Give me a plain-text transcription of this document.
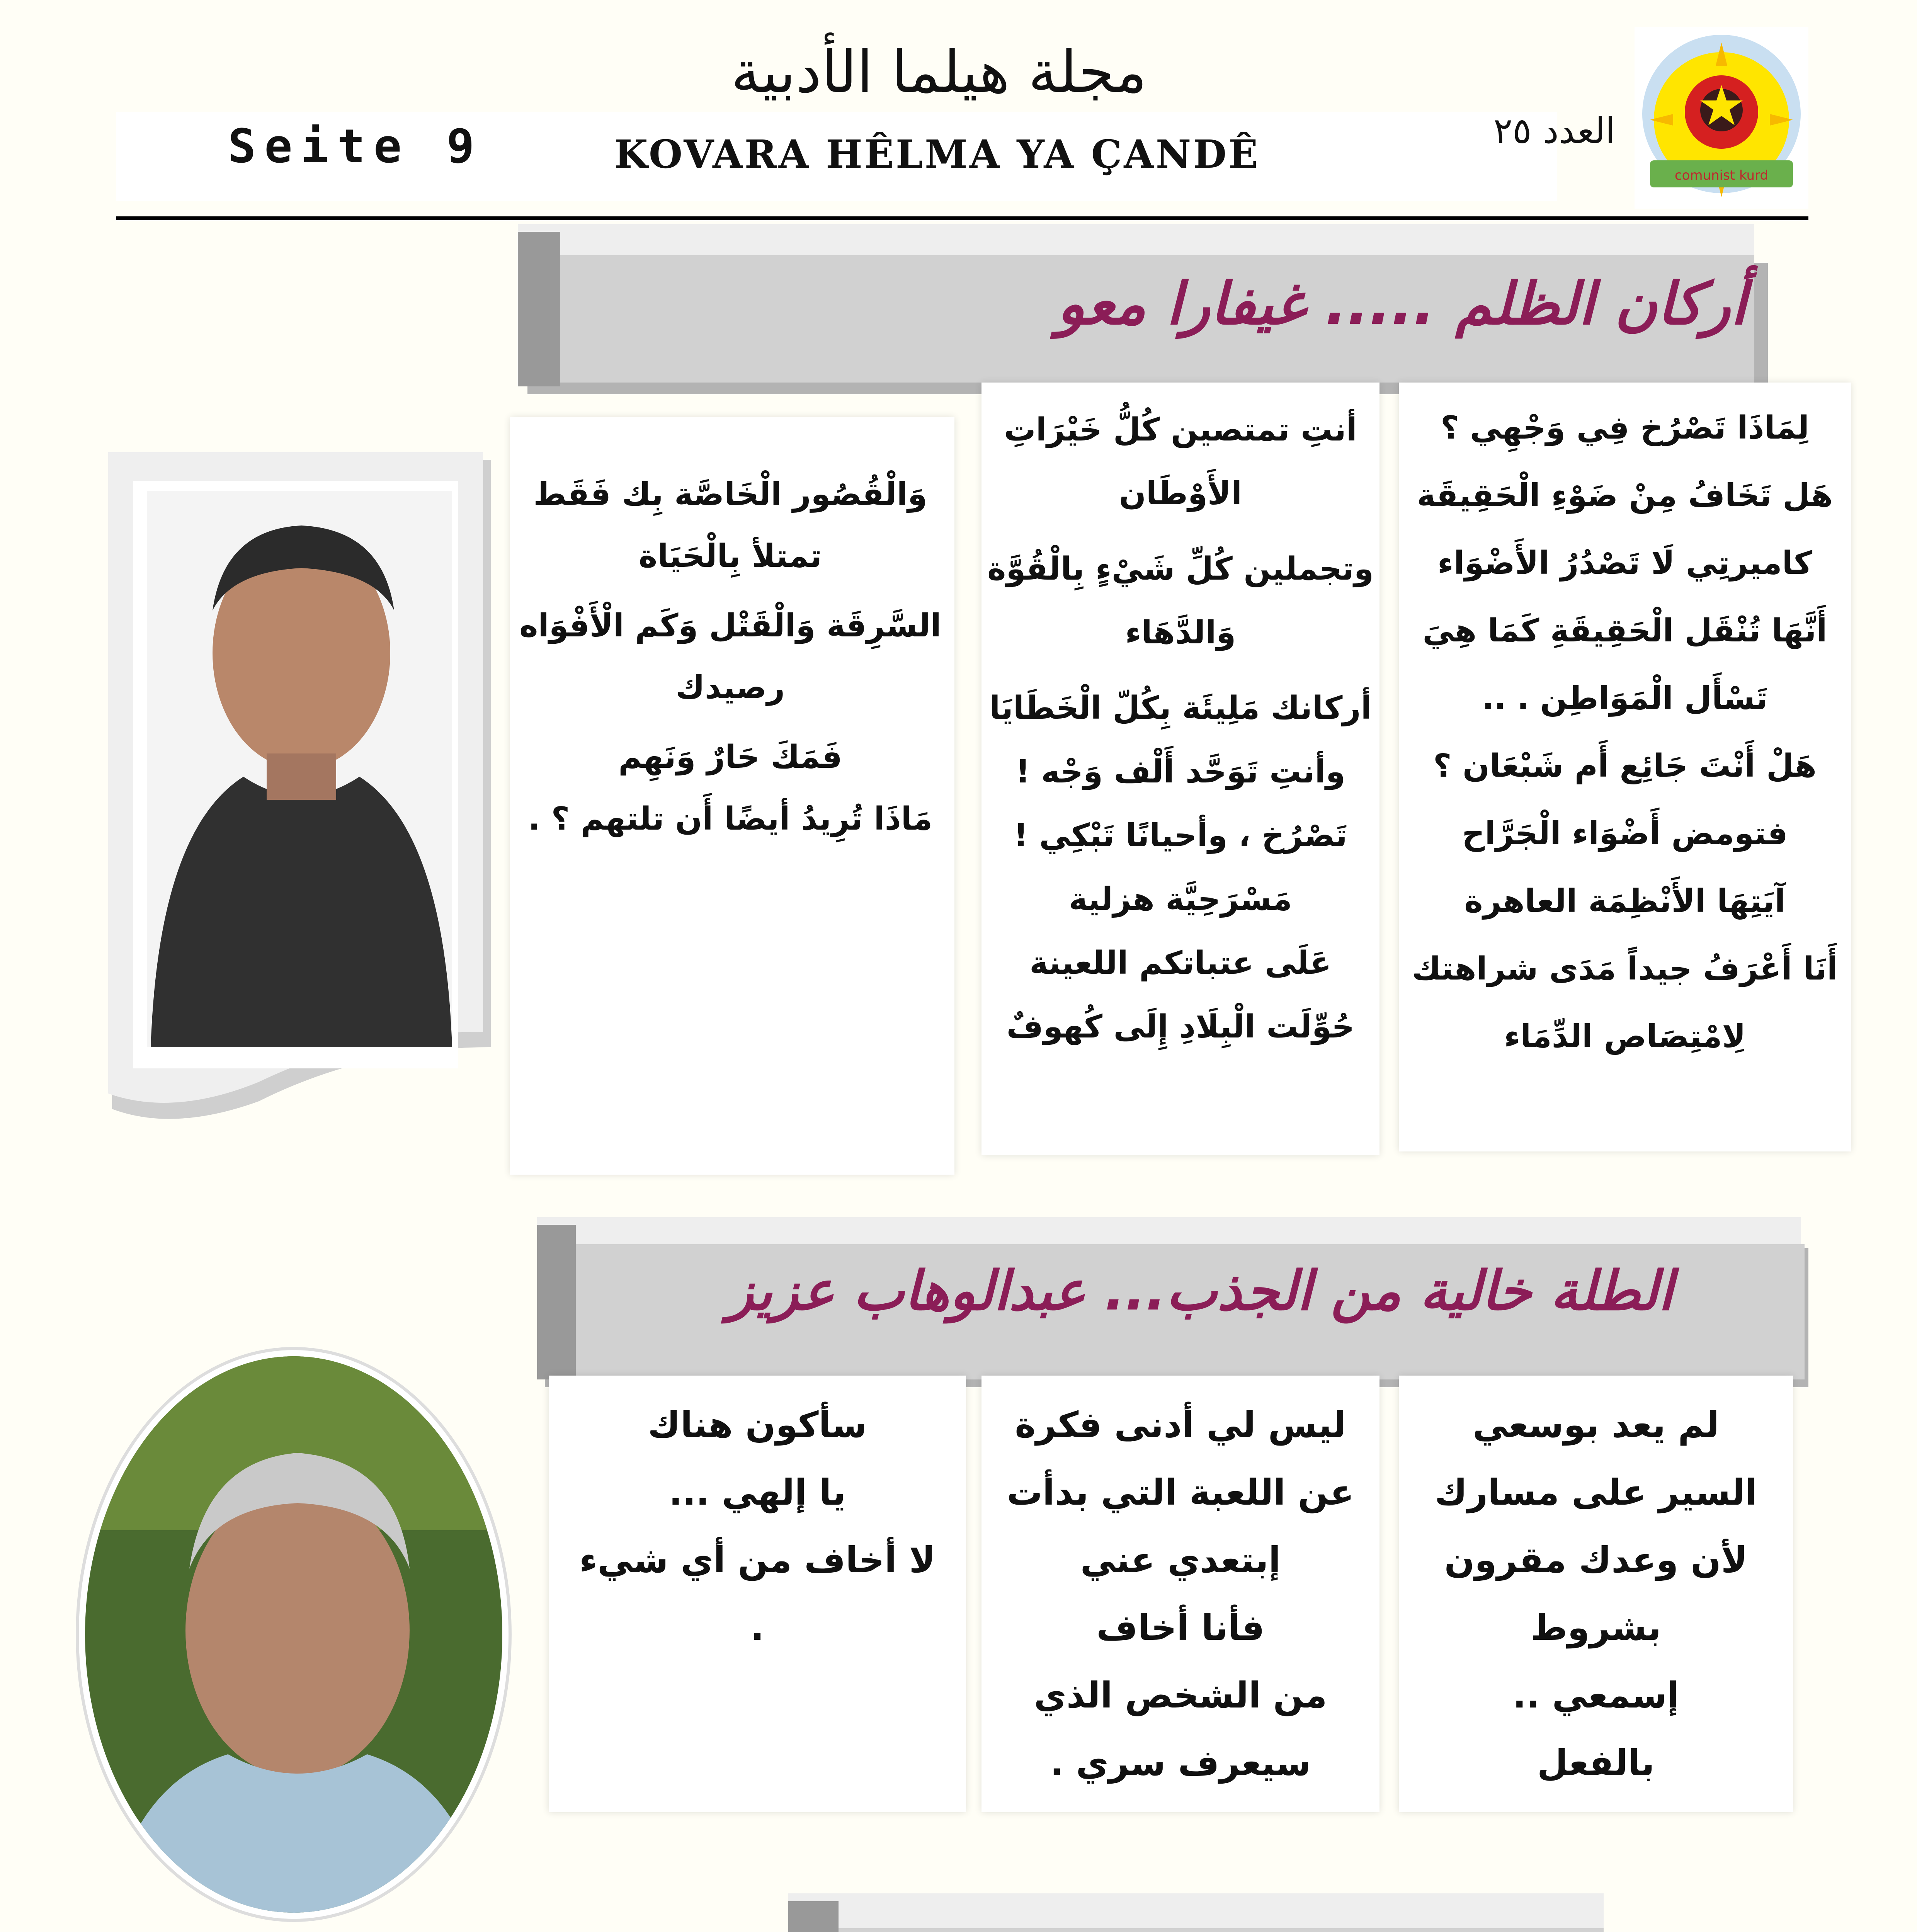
مجلة هيلما الأدبية
KOVARA HÊLMA YA ÇANDÊ
Seite 9	العدد ٢٥
comunist kurd
أركان الظلم ..... غيفارا معو

لِمَاذَا تَصْرُخ فِي وَجْهِي ؟

هَل تَخَافُ مِنْ ضَوْءِ الْحَقِيقَة

كاميرتِي لَا تَصْدُرُ الأَضْوَاء

أَنَّهَا تُنْقَل الْحَقِيقَةِ كَمَا هِيَ

تَسْأَل الْمَوَاطِن . ..

هَلْ أَنْتَ جَائِع أَم شَبْعَان ؟

فتومض أَضْوَاء الْجَرَّاح

آيَتِهَا الأَنْظِمَة العاهرة

أَنَا أَعْرَفُ جيداً مَدَى شراهتك

لِامْتِصَاص الدِّمَاء

أنتِ تمتصين كُلُّ خَيْرَاتِ الأَوْطَان

وتجملين كُلِّ شَيْءٍ بِالْقُوَّة وَالدَّهَاء

أركانك مَلِيئَة بِكُلّ الْخَطَايَا

وأنتِ تَوَحَّد أَلْف وَجْه !

تَصْرُخ ، وأحيانًا تَبْكِي !

مَسْرَحِيَّة هزلية

عَلَى عتباتكم اللعينة

حُوِّلَت الْبِلَادِ إِلَى كُهوفٌ

وَالْقُصُور الْخَاصَّة بِك فَقَط تمتلأ بِالْحَيَاة

السَّرِقَة وَالْقَتْل وَكَم الْأَفْوَاه رصيدك

فَمَكَ حَارٌ وَنَهِم

مَاذَا تُرِيدُ أيضًا أَن تلتهم ؟ .

الطلة خالية من الجذب... عبدالوهاب عزيز

لم يعد بوسعي

السير على مسارك

لأن وعدك مقرون

بشروط

إسمعي ..

بالفعل

ليس لي أدنى فكرة

عن اللعبة التي بدأت

إبتعدي عني

فأنا أخاف

من الشخص الذي

سيعرف سري .

سأكون هناك

يا إلهي ...

لا أخاف من أي شيء

.
